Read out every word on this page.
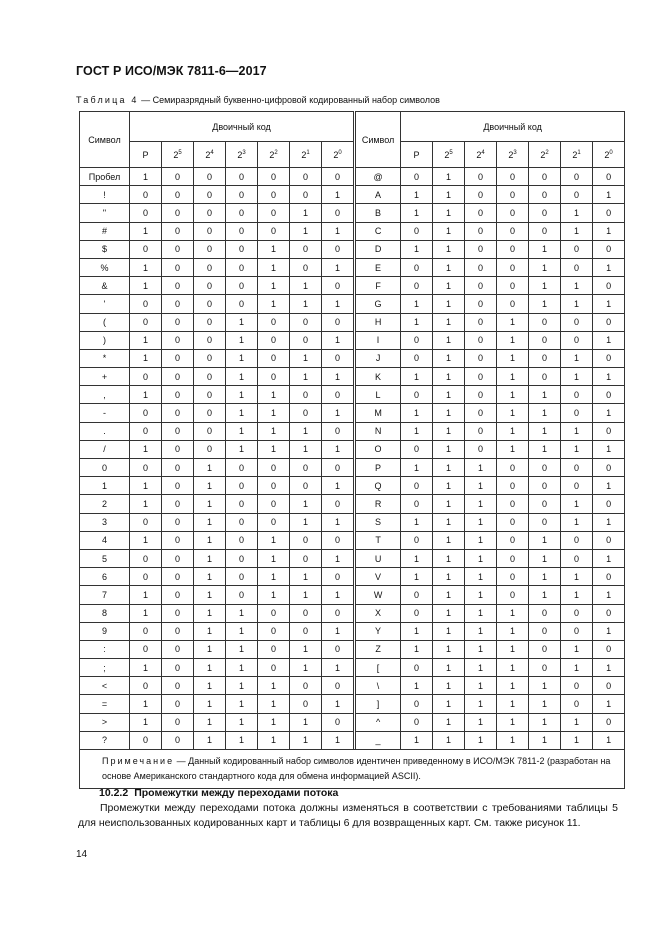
ГОСТ Р ИСО/МЭК 7811-6—2017
Таблица 4 — Семиразрядный буквенно-цифровой кодированный набор символов
Символ	Двоичный код								Символ	Двоичный код						
	P	$2^5$	$2^4$	$2^3$	$2^2$	$2^1$	$2^0$			P	$2^5$	$2^4$	$2^3$	$2^2$	$2^1$	$2^0$
Пробел	1	0	0	0	0	0	0		@	0	1	0	0	0	0	0
!	0	0	0	0	0	0	1		A	1	1	0	0	0	0	1
"	0	0	0	0	0	1	0		B	1	1	0	0	0	1	0
#	1	0	0	0	0	1	1		C	0	1	0	0	0	1	1
$	0	0	0	0	1	0	0		D	1	1	0	0	1	0	0
%	1	0	0	0	1	0	1		E	0	1	0	0	1	0	1
&	1	0	0	0	1	1	0		F	0	1	0	0	1	1	0
'	0	0	0	0	1	1	1		G	1	1	0	0	1	1	1
(	0	0	0	1	0	0	0		H	1	1	0	1	0	0	0
)	1	0	0	1	0	0	1		I	0	1	0	1	0	0	1
*	1	0	0	1	0	1	0		J	0	1	0	1	0	1	0
+	0	0	0	1	0	1	1		K	1	1	0	1	0	1	1
,	1	0	0	1	1	0	0		L	0	1	0	1	1	0	0
-	0	0	0	1	1	0	1		M	1	1	0	1	1	0	1
.	0	0	0	1	1	1	0		N	1	1	0	1	1	1	0
/	1	0	0	1	1	1	1		O	0	1	0	1	1	1	1
0	0	0	1	0	0	0	0		P	1	1	1	0	0	0	0
1	1	0	1	0	0	0	1		Q	0	1	1	0	0	0	1
2	1	0	1	0	0	1	0		R	0	1	1	0	0	1	0
3	0	0	1	0	0	1	1		S	1	1	1	0	0	1	1
4	1	0	1	0	1	0	0		T	0	1	1	0	1	0	0
5	0	0	1	0	1	0	1		U	1	1	1	0	1	0	1
6	0	0	1	0	1	1	0		V	1	1	1	0	1	1	0
7	1	0	1	0	1	1	1		W	0	1	1	0	1	1	1
8	1	0	1	1	0	0	0		X	0	1	1	1	0	0	0
9	0	0	1	1	0	0	1		Y	1	1	1	1	0	0	1
:	0	0	1	1	0	1	0		Z	1	1	1	1	0	1	0
;	1	0	1	1	0	1	1		[	0	1	1	1	0	1	1
<	0	0	1	1	1	0	0		\	1	1	1	1	1	0	0
=	1	0	1	1	1	0	1		]	0	1	1	1	1	0	1
>	1	0	1	1	1	1	0		^	0	1	1	1	1	1	0
?	0	0	1	1	1	1	1		_	1	1	1	1	1	1	1
Примечание — Данный кодированный набор символов идентичен приведенному в ИСО/МЭК 7811-2 (разработан на основе Американского стандартного кода для обмена информацией ASCII).																
10.2.2 Промежутки между переходами потока
Промежутки между переходами потока должны изменяться в соответствии с требованиями таблицы 5 для неиспользованных кодированных карт и таблицы 6 для возвращенных карт. См. также рисунок 11.
14
